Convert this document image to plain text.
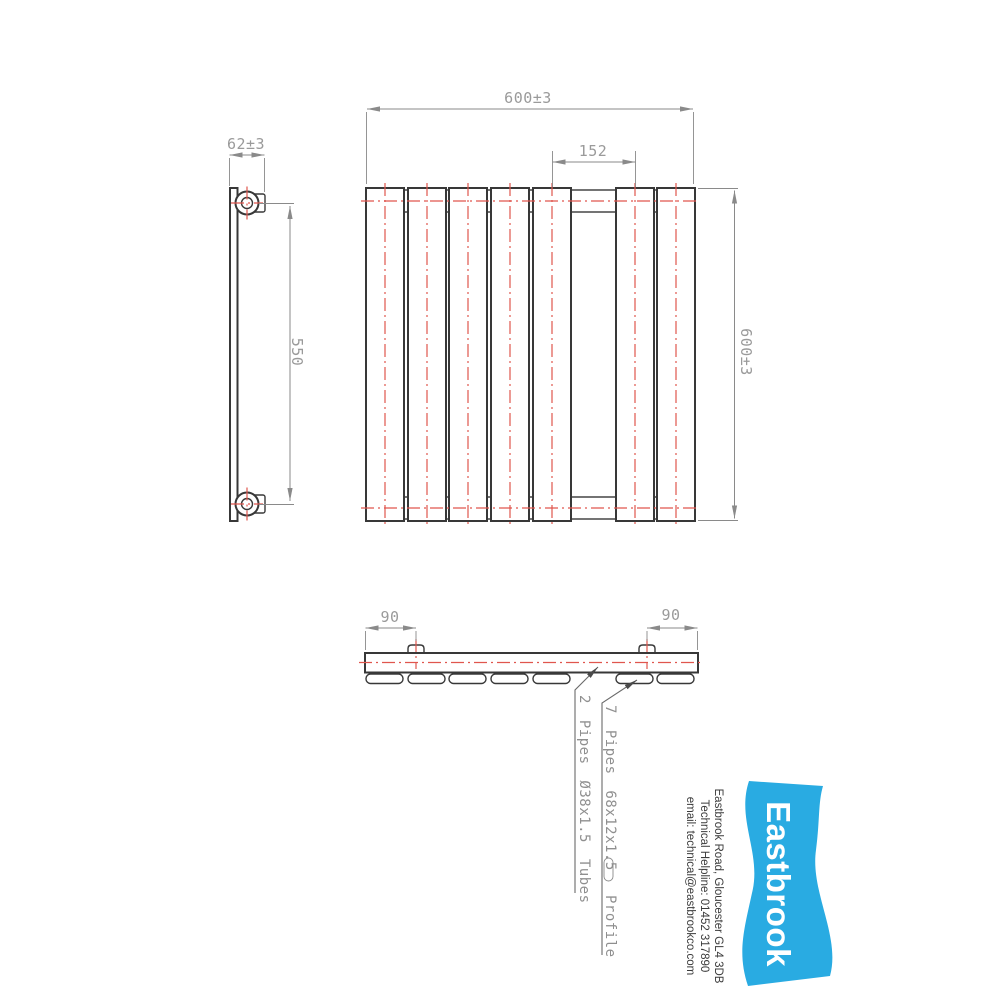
62±3
550
600±3
152
600±3
90	90
2 Pipes Ø38x1.5 Tubes 7 Pipes 68x12x1.5
Profile	Eastbrook Road, Gloucester GL4 3DB
Technical Helpline: 01452 317890
email: technical@eastbrookco.com Eastbrook
